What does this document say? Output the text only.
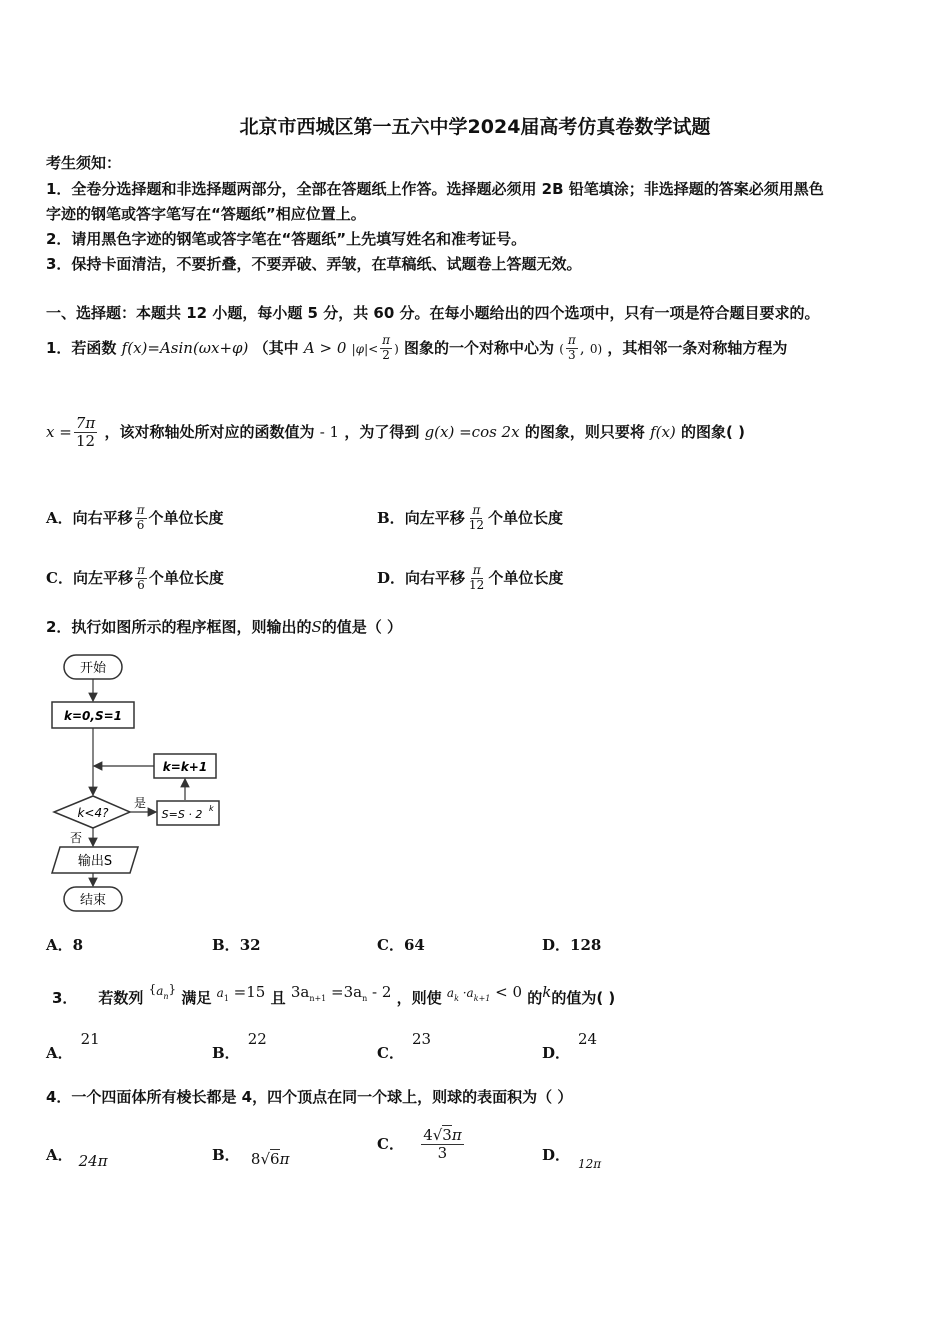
北京市西城区第一五六中学2024届高考仿真卷数学试题
考生须知：
1．全卷分选择题和非选择题两部分，全部在答题纸上作答。选择题必须用 2B 铅笔填涂；非选择题的答案必须用黑色
字迹的钢笔或答字笔写在“答题纸”相应位置上。
2．请用黑色字迹的钢笔或答字笔在“答题纸”上先填写姓名和准考证号。
3．保持卡面清洁，不要折叠，不要弄破、弄皱，在草稿纸、试题卷上答题无效。
一、选择题：本题共 12 小题，每小题 5 分，共 60 分。在每小题给出的四个选项中，只有一项是符合题目要求的。
1．若函数 f(x)=Asin(ωx+φ) （其中 A > 0 $|\varphi|< \frac{\pi}{2}$ ) 图象的一个对称中心为 ( $\frac{\pi}{3}$ , 0) ，其相邻一条对称轴方程为
$x = \frac{7\pi}{12}$ ，该对称轴处所对应的函数值为 - 1 ，为了得到 g(x) =cos 2x 的图象，则只要将 f(x) 的图象( )
A．向右平移 $\frac{\pi}{6}$ 个单位长度	B．向左平移 $\frac{\pi}{12}$ 个单位长度
C．向左平移 $\frac{\pi}{6}$ 个单位长度	D．向右平移 $\frac{\pi}{12}$ 个单位长度
2．执行如图所示的程序框图，则输出的S的值是（ ）
开始
k=0,S=1
k=k+1
k<4?
是
S=S · 2 k
否
输出S
结束
A．8	B．32	C．64	D．128
3． 若数列 $^{\{a}_n$} 满足 $^a_1$ =15 且 $3a_{n+1} =3a_n - 2$ ，则使 $^a_k$ $^{\cdot a}_{k+1}$ < 0 的k的值为( )
A．21
B．22
C．23
D．24
4．一个四面体所有棱长都是 4，四个顶点在同一个球上，则球的表面积为（ ）
A． 24π	B． 8√6π
C． $\frac{4√3\pi}{3}$	D． $_{12\pi}$
